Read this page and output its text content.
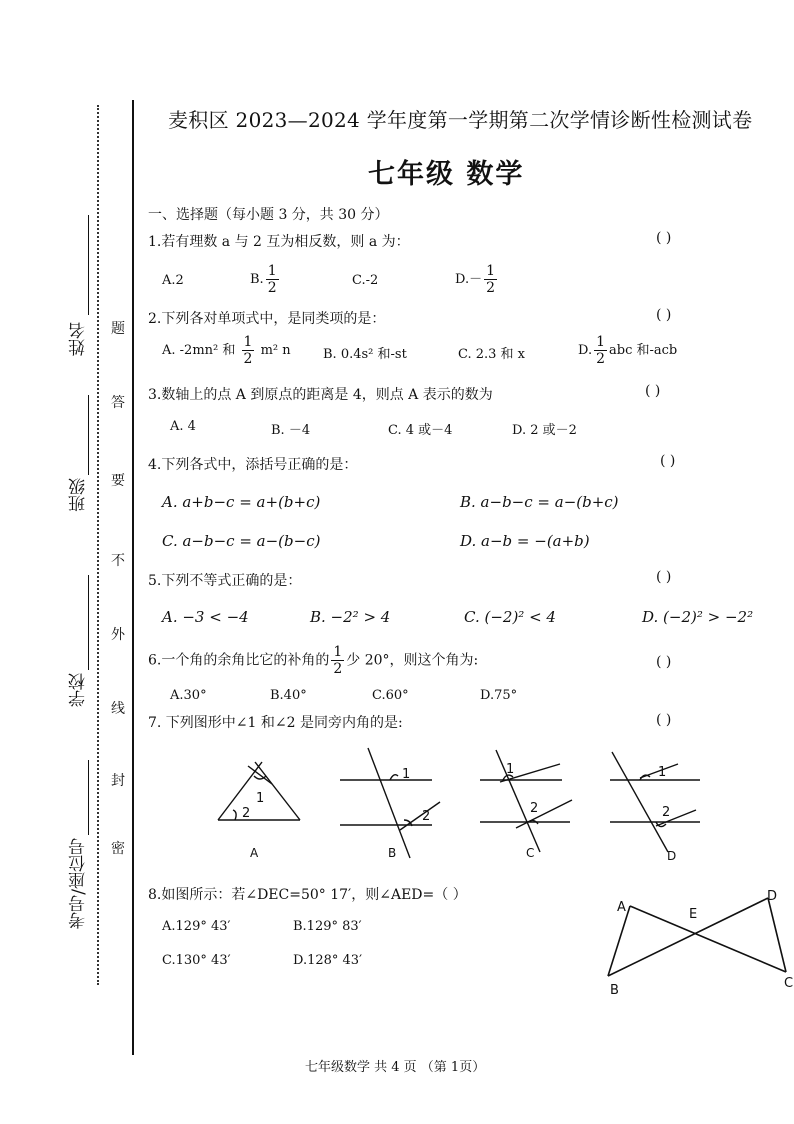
姓名
班级
学校
考号/座位号
题
答
要
不
外
线
封
密
麦积区 2023—2024 学年度第一学期第二次学情诊断性检测试卷
七年级 数学
一、选择题（每小题 3 分，共 30 分）
1.若有理数 a 与 2 互为相反数，则 a 为：	( )
A.2	B. $\frac{1}{2}$	C.-2	$D.- \frac{1}{2}$
2.下列各对单项式中，是同类项的是：	( )
A. -2mn² 和 $\frac{1}{2} m^2$ n B. 0.4s² 和-st	C. 2.3 和 x	D. $\frac{1}{2}$ abc 和-acb
3.数轴上的点 A 到原点的距离是 4，则点 A 表示的数为	( )
A. 4	B. －4	C. 4 或－4	D. 2 或－2
4.下列各式中，添括号正确的是：	( )
A. a+b−c = a+(b+c)	B. a−b−c = a−(b+c)
C. a−b−c = a−(b−c)	D. a−b = −(a+b)
5.下列不等式正确的是：	( )
A. −3 < −4	B. −2² > 4	C. (−2)² < 4	D. (−2)² > −2²
6.一个角的余角比它的补角的 $\frac{1}{2}$ 少 20°，则这个角为:	( )
A.30°	B.40°	C.60°	D.75°
7. 下列图形中∠1 和∠2 是同旁内角的是:	( )
1
2
A
1
2
B
1
2
C
1
2
D
8.如图所示：若∠DEC=50° 17′，则∠AED=（ ）
A.129° 43′	B.129° 83′
C.130° 43′	D.128° 43′
A	E
D
B	C
七年级数学 共 4 页 （第 1页）
